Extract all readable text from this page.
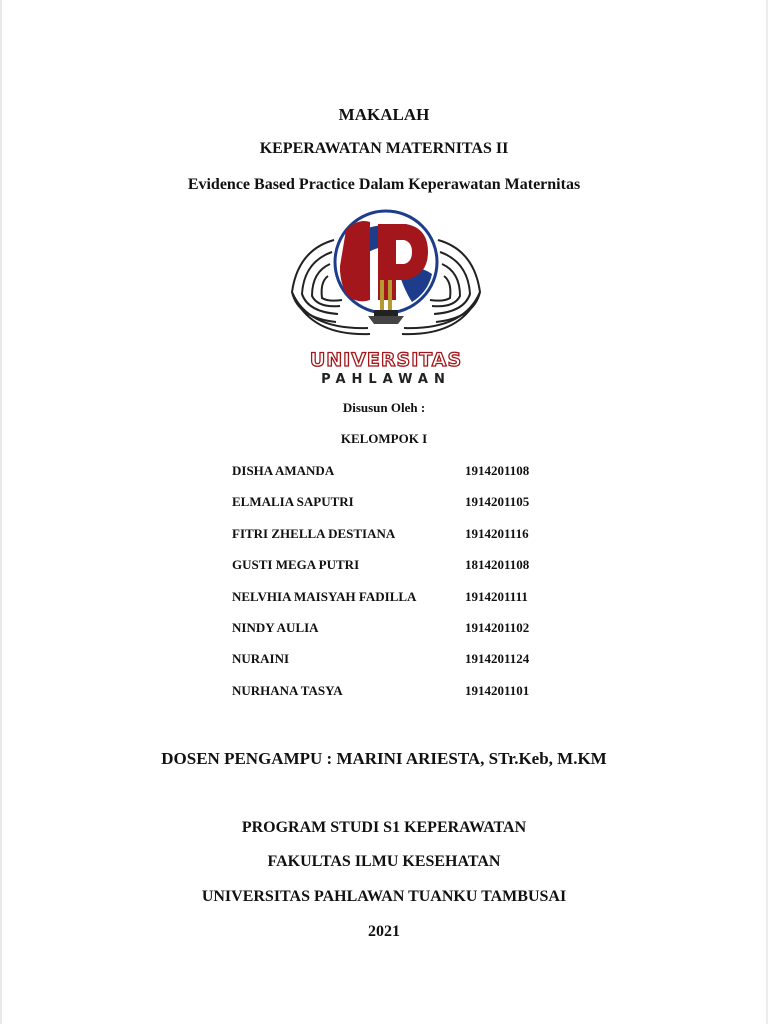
MAKALAH
KEPERAWATAN MATERNITAS II
Evidence Based Practice Dalam Keperawatan Maternitas
UNIVERSITAS
PAHLAWAN
Disusun Oleh :
KELOMPOK I
DISHA AMANDA	1914201108
ELMALIA SAPUTRI	1914201105
FITRI ZHELLA DESTIANA	1914201116
GUSTI MEGA PUTRI	1814201108
NELVHIA MAISYAH FADILLA	1914201111
NINDY AULIA	1914201102
NURAINI	1914201124
NURHANA TASYA	1914201101
DOSEN PENGAMPU : MARINI ARIESTA, STr.Keb, M.KM
PROGRAM STUDI S1 KEPERAWATAN
FAKULTAS ILMU KESEHATAN
UNIVERSITAS PAHLAWAN TUANKU TAMBUSAI
2021
